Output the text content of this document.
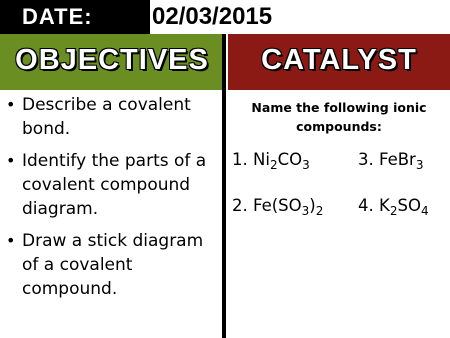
DATE: 02/03/2015
OBJECTIVES	CATALYST
• Describe a covalent bond.
• Identify the parts of a covalent compound diagram.
• Draw a stick diagram of a covalent compound.
Name the following ionic compounds:
1. $Ni_2CO_3$	3. FeBr$_3$
2. $Fe(SO_3)_2$ 4. $K_2SO_4$
